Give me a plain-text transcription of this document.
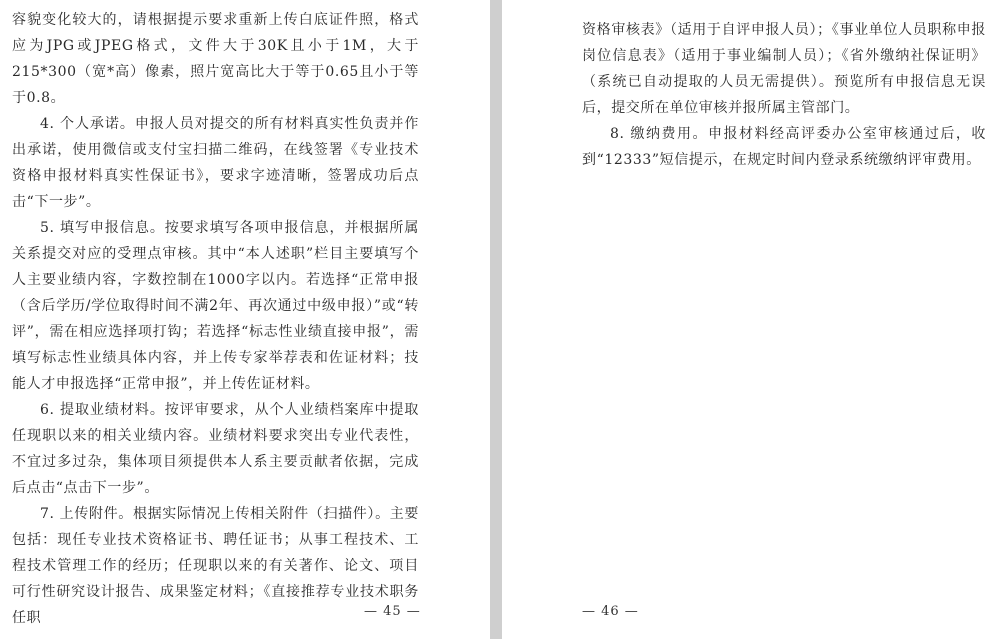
容貌变化较大的，请根据提示要求重新上传白底证件照，格式应为JPG或JPEG格式，文件大于30K且小于1M，大于215*300（宽*高）像素，照片宽高比大于等于0.65且小于等于0.8。

4. 个人承诺。申报人员对提交的所有材料真实性负责并作出承诺，使用微信或支付宝扫描二维码，在线签署《专业技术资格申报材料真实性保证书》，要求字迹清晰，签署成功后点击“下一步”。

5. 填写申报信息。按要求填写各项申报信息，并根据所属关系提交对应的受理点审核。其中“本人述职”栏目主要填写个人主要业绩内容，字数控制在1000字以内。若选择“正常申报（含后学历/学位取得时间不满2年、再次通过中级申报）”或“转评”，需在相应选择项打钩；若选择“标志性业绩直接申报”，需填写标志性业绩具体内容，并上传专家举荐表和佐证材料；技能人才申报选择“正常申报”，并上传佐证材料。

6. 提取业绩材料。按评审要求，从个人业绩档案库中提取任现职以来的相关业绩内容。业绩材料要求突出专业代表性，不宜过多过杂，集体项目须提供本人系主要贡献者依据，完成后点击“点击下一步”。

7. 上传附件。根据实际情况上传相关附件（扫描件）。主要包括：现任专业技术资格证书、聘任证书；从事工程技术、工程技术管理工作的经历；任现职以来的有关著作、论文、项目可行性研究设计报告、成果鉴定材料；《直接推荐专业技术职务任职	— 45 —

资格审核表》（适用于自评申报人员）；《事业单位人员职称申报岗位信息表》（适用于事业编制人员）；《省外缴纳社保证明》（系统已自动提取的人员无需提供）。预览所有申报信息无误后，提交所在单位审核并报所属主管部门。

8. 缴纳费用。申报材料经高评委办公室审核通过后，收到“12333”短信提示，在规定时间内登录系统缴纳评审费用。

— 46 —
